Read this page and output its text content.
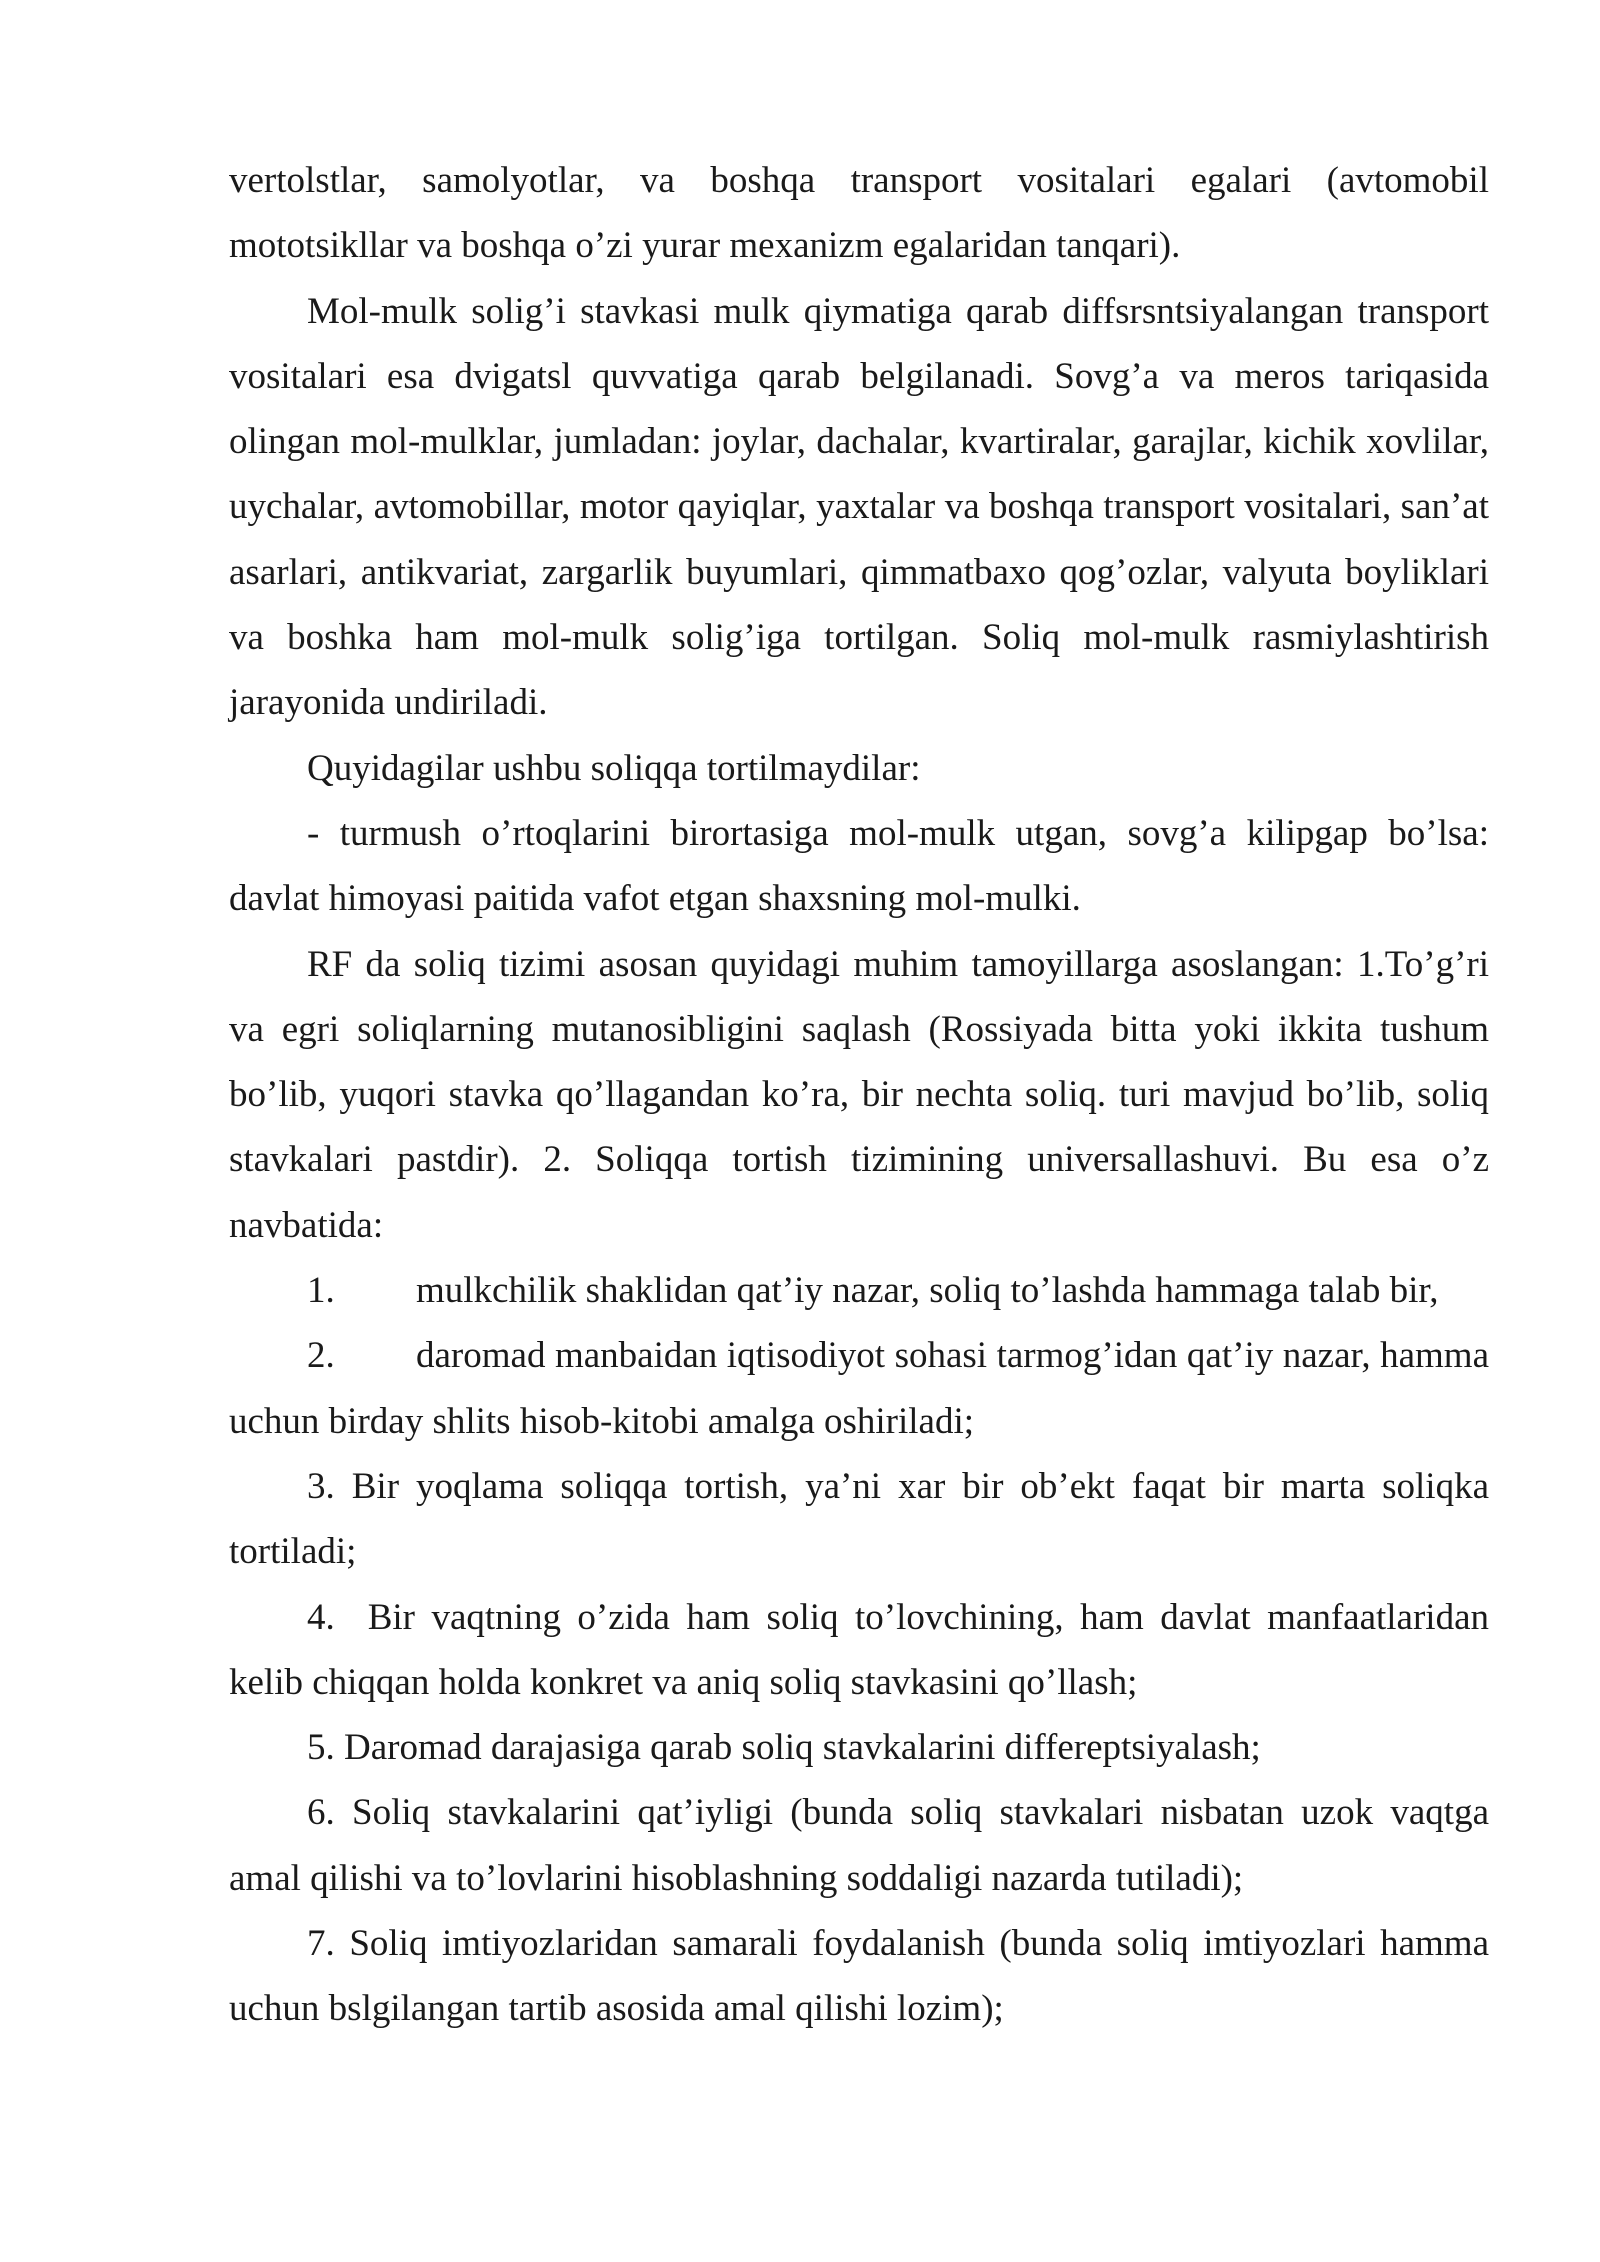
vertolstlar, samolyotlar, va boshqa transport vositalari egalari (avtomobil mototsikllar va boshqa o’zi yurar mexanizm egalaridan tanqari).

Mol-mulk solig’i stavkasi mulk qiymatiga qarab diffsrsntsiyalangan transport vositalari esa dvigatsl quvvatiga qarab belgilanadi. Sovg’a va meros tariqasida olingan mol-mulklar, jumladan: joylar, dachalar, kvartiralar, garajlar, kichik xovlilar, uychalar, avtomobillar, motor qayiqlar, yaxtalar va boshqa transport vositalari, san’at asarlari, antikvariat, zargarlik buyumlari, qimmatbaxo qog’ozlar, valyuta boyliklari va boshka ham mol-mulk solig’iga tortilgan. Soliq mol-mulk rasmiylashtirish jarayonida undiriladi.

Quyidagilar ushbu soliqqa tortilmaydilar:

- turmush o’rtoqlarini birortasiga mol-mulk utgan, sovg’a kilipgap bo’lsa: davlat himoyasi paitida vafot etgan shaxsning mol-mulki.

RF da soliq tizimi asosan quyidagi muhim tamoyillarga asoslangan: 1.To’g’ri va egri soliqlarning mutanosibligini saqlash (Rossiyada bitta yoki ikkita tushum bo’lib, yuqori stavka qo’llagandan ko’ra, bir nechta soliq. turi mavjud bo’lib, soliq stavkalari pastdir). 2. Soliqqa tortish tizimining universallashuvi. Bu esa o’z navbatida:

1. mulkchilik shaklidan qat’iy nazar, soliq to’lashda hammaga talab bir,

2. daromad manbaidan iqtisodiyot sohasi tarmog’idan qat’iy nazar, hamma uchun birday shlits hisob-kitobi amalga oshiriladi;

3. Bir yoqlama soliqqa tortish, ya’ni xar bir ob’ekt faqat bir marta soliqka tortiladi;

4. Bir vaqtning o’zida ham soliq to’lovchining, ham davlat manfaatlaridan kelib chiqqan holda konkret va aniq soliq stavkasini qo’llash;

5. Daromad darajasiga qarab soliq stavkalarini differeptsiyalash;

6. Soliq stavkalarini qat’iyligi (bunda soliq stavkalari nisbatan uzok vaqtga amal qilishi va to’lovlarini hisoblashning soddaligi nazarda tutiladi);

7. Soliq imtiyozlaridan samarali foydalanish (bunda soliq imtiyozlari hamma uchun bslgilangan tartib asosida amal qilishi lozim);
